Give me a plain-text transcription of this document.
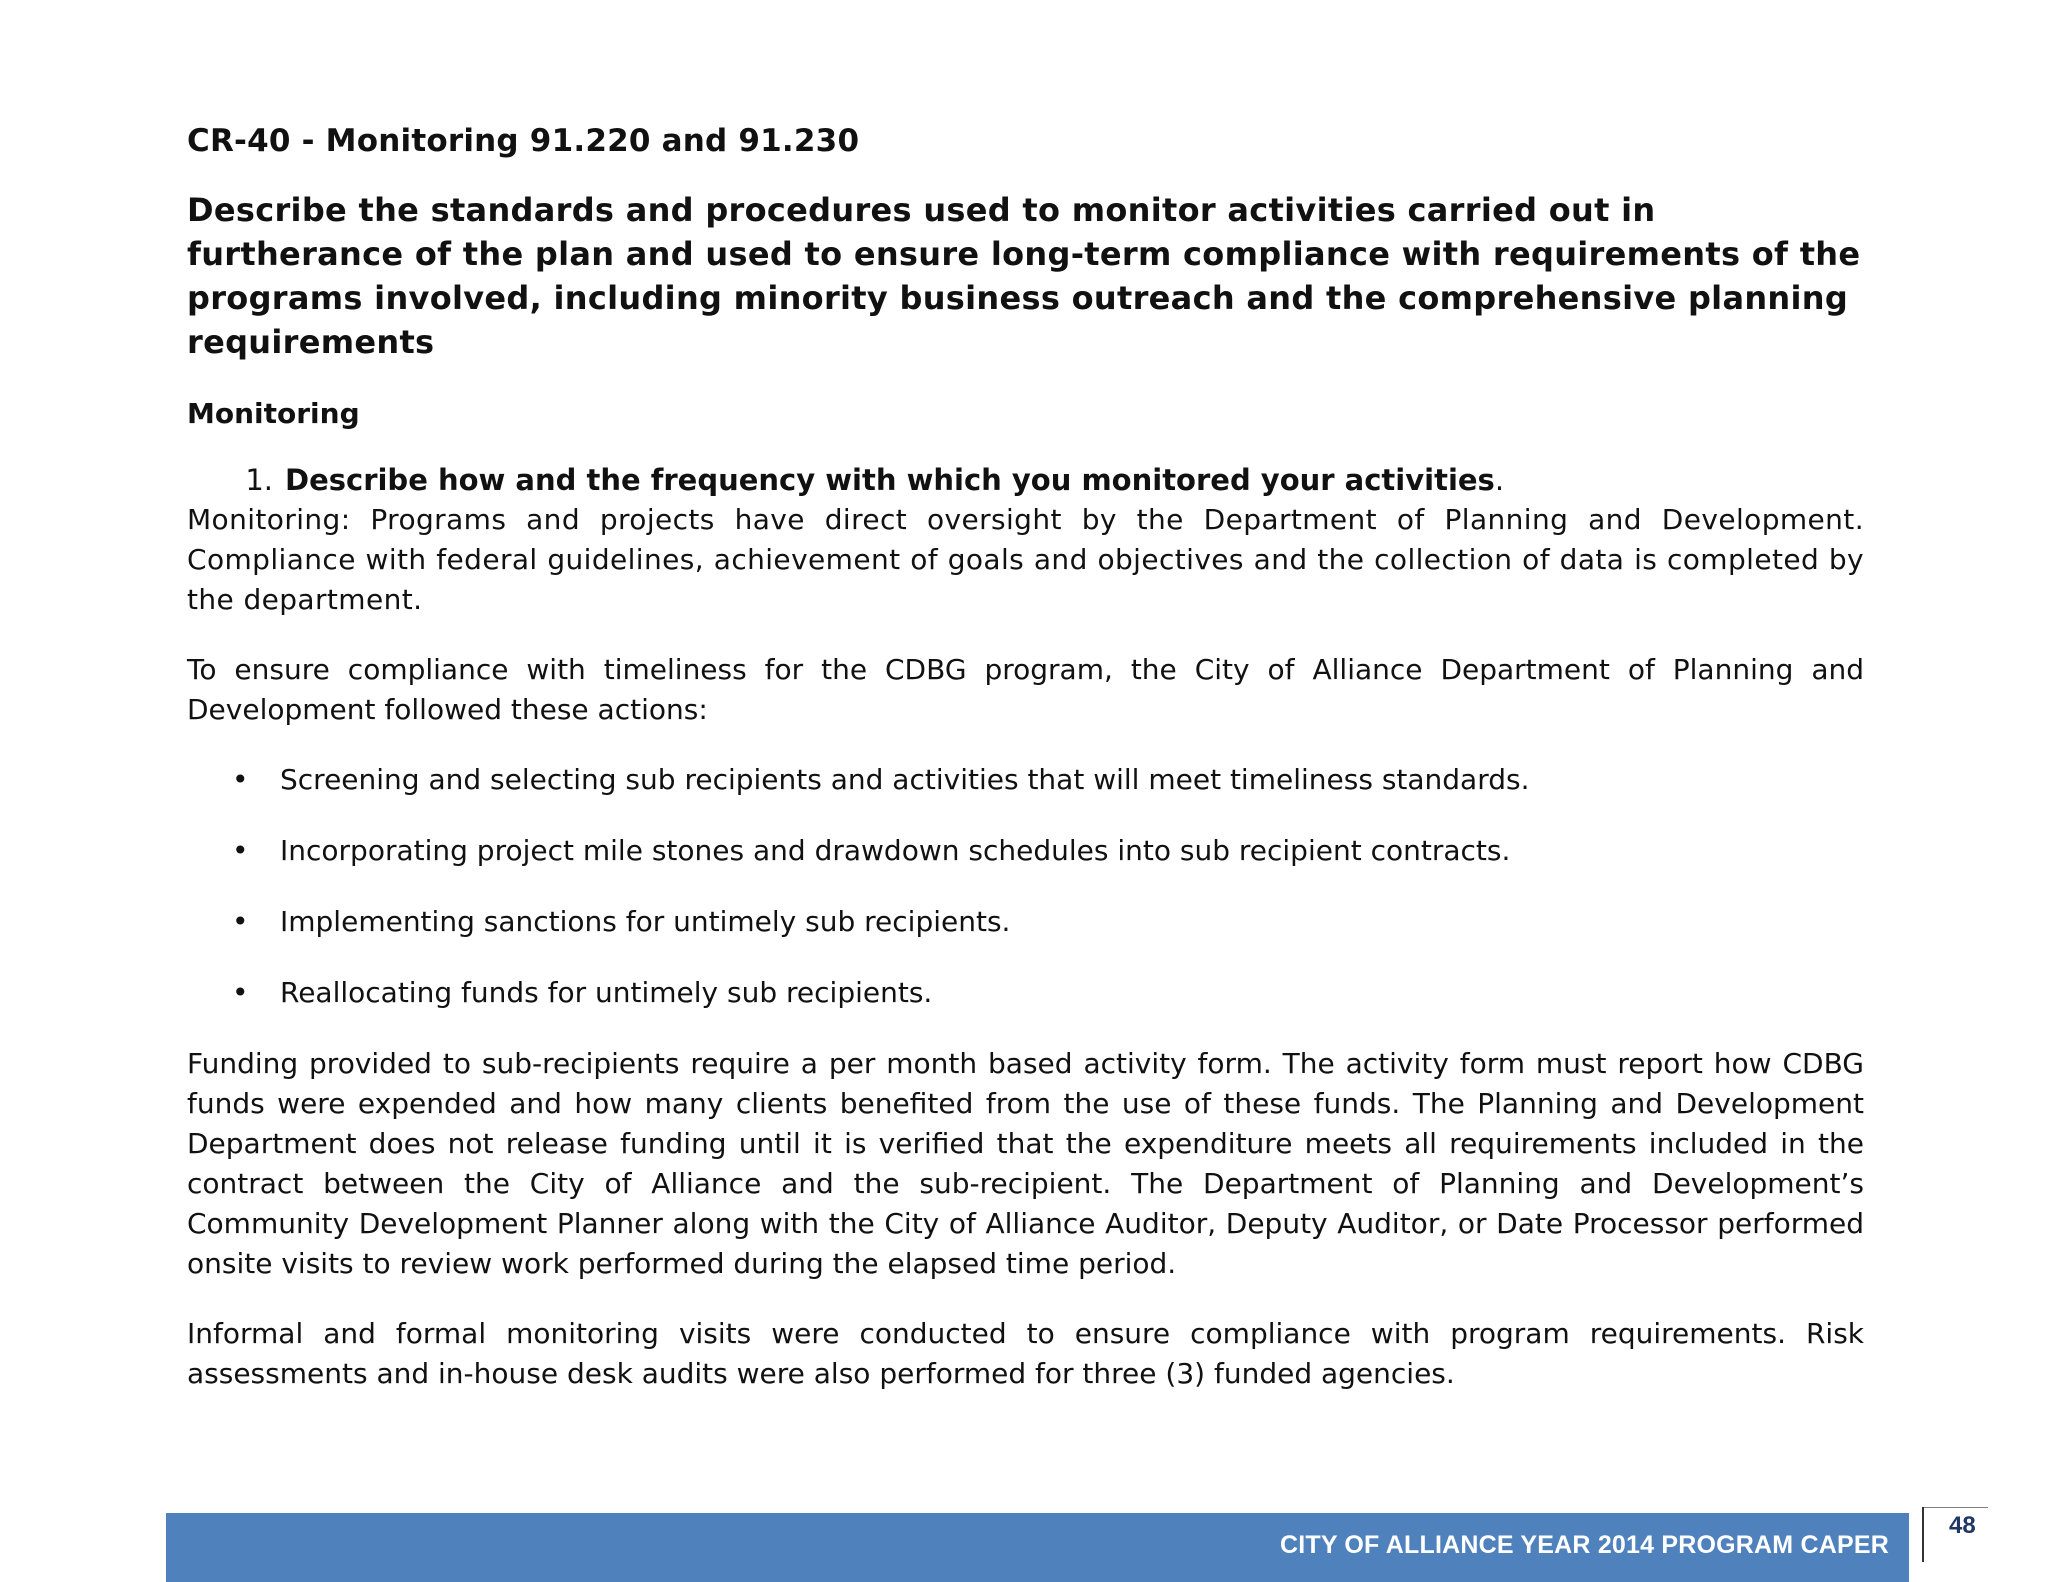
CR-40 - Monitoring 91.220 and 91.230
Describe the standards and procedures used to monitor activities carried out in furtherance of the plan and used to ensure long-term compliance with requirements of the programs involved, including minority business outreach and the comprehensive planning requirements
Monitoring
1. Describe how and the frequency with which you monitored your activities.

Monitoring: Programs and projects have direct oversight by the Department of Planning and Development. Compliance with federal guidelines, achievement of goals and objectives and the collection of data is completed by the department.

To ensure compliance with timeliness for the CDBG program, the City of Alliance Department of Planning and Development followed these actions:

•	Screening and selecting sub recipients and activities that will meet timeliness standards.
•	Incorporating project mile stones and drawdown schedules into sub recipient contracts.
•	Implementing sanctions for untimely sub recipients.
•	Reallocating funds for untimely sub recipients.

Funding provided to sub-recipients require a per month based activity form. The activity form must report how CDBG funds were expended and how many clients benefited from the use of these funds. The Planning and Development Department does not release funding until it is verified that the expenditure meets all requirements included in the contract between the City of Alliance and the sub-recipient. The Department of Planning and Development’s Community Development Planner along with the City of Alliance Auditor, Deputy Auditor, or Date Processor performed onsite visits to review work performed during the elapsed time period.

Informal and formal monitoring visits were conducted to ensure compliance with program requirements. Risk assessments and in-house desk audits were also performed for three (3) funded agencies.

CITY OF ALLIANCE YEAR 2014 PROGRAM CAPER
48
